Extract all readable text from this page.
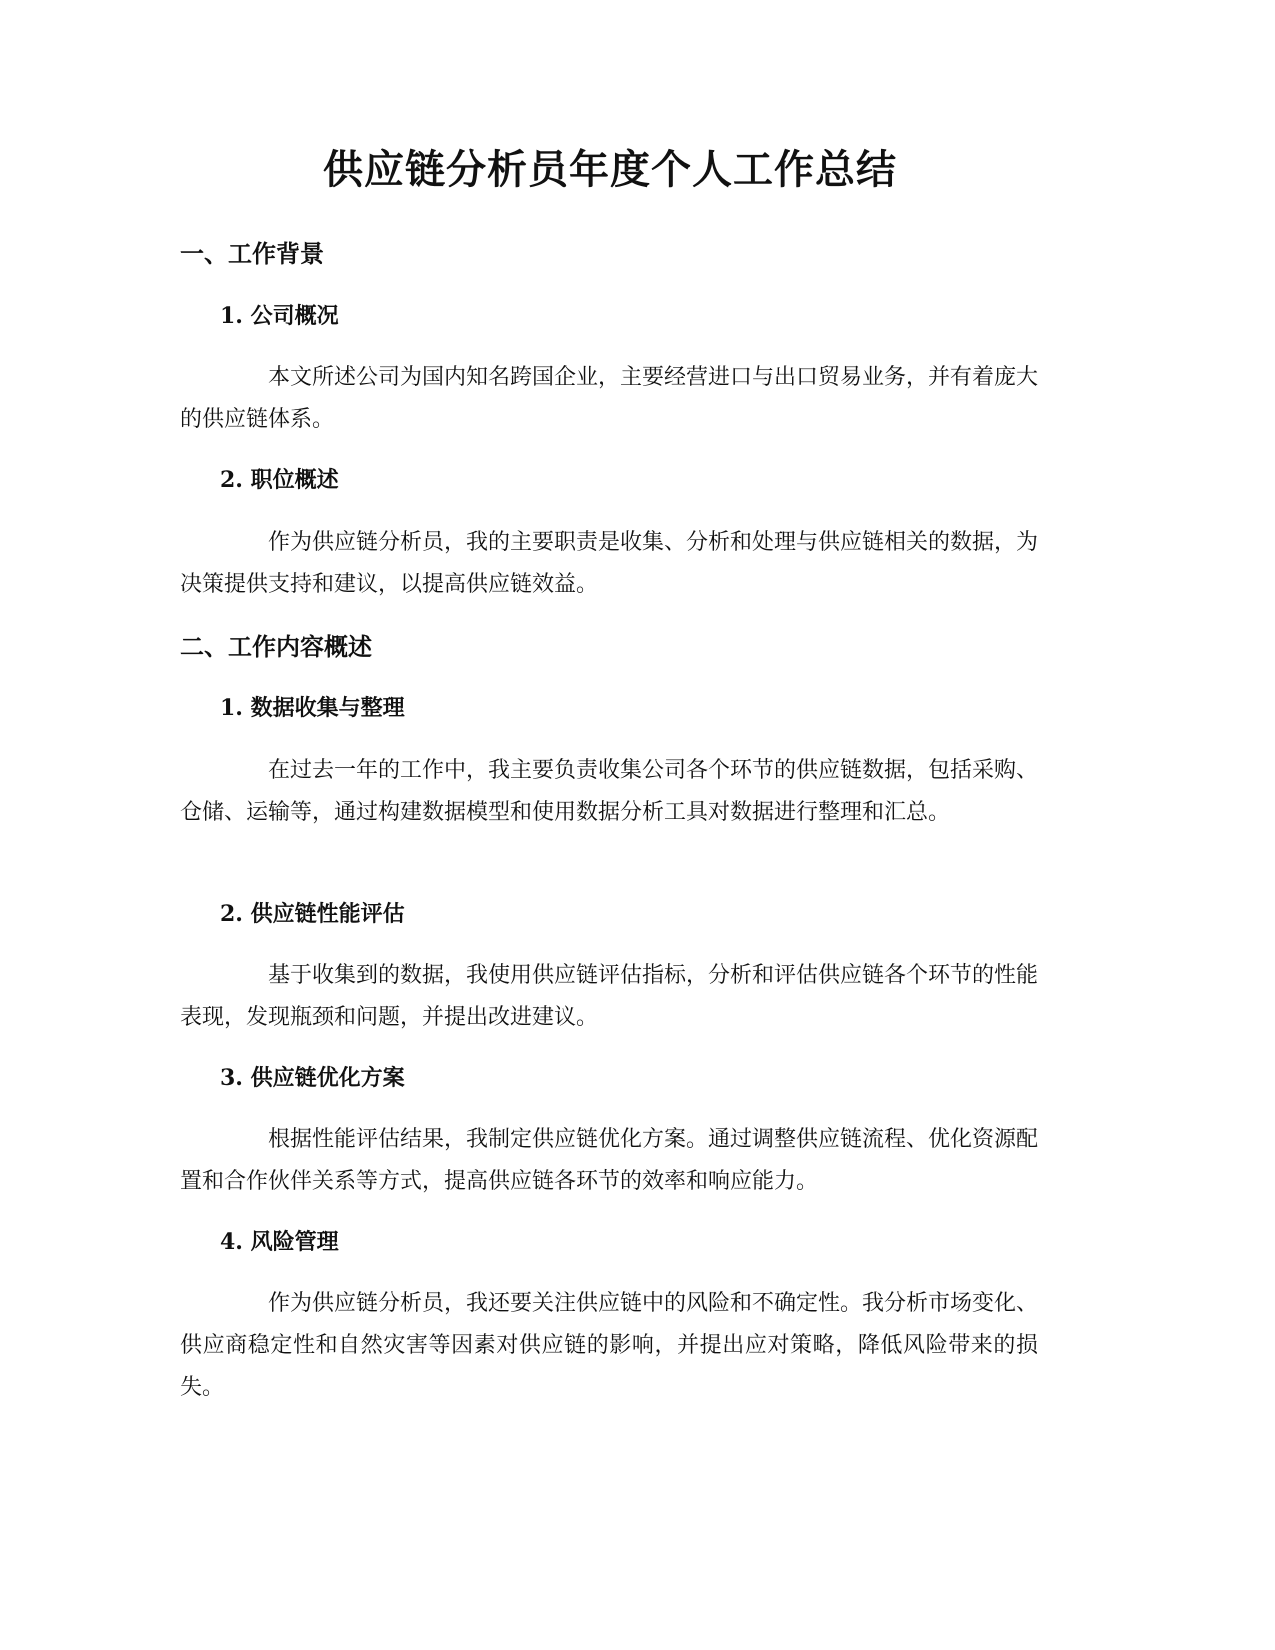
供应链分析员年度个人工作总结
一、工作背景
1. 公司概况

本文所述公司为国内知名跨国企业，主要经营进口与出口贸易业务，并有着庞大的供应链体系。

2. 职位概述

作为供应链分析员，我的主要职责是收集、分析和处理与供应链相关的数据，为决策提供支持和建议，以提高供应链效益。

二、工作内容概述
1. 数据收集与整理

在过去一年的工作中，我主要负责收集公司各个环节的供应链数据，包括采购、仓储、运输等，通过构建数据模型和使用数据分析工具对数据进行整理和汇总。

2. 供应链性能评估

基于收集到的数据，我使用供应链评估指标，分析和评估供应链各个环节的性能表现，发现瓶颈和问题，并提出改进建议。

3. 供应链优化方案

根据性能评估结果，我制定供应链优化方案。通过调整供应链流程、优化资源配置和合作伙伴关系等方式，提高供应链各环节的效率和响应能力。

4. 风险管理

作为供应链分析员，我还要关注供应链中的风险和不确定性。我分析市场变化、供应商稳定性和自然灾害等因素对供应链的影响，并提出应对策略，降低风险带来的损失。
